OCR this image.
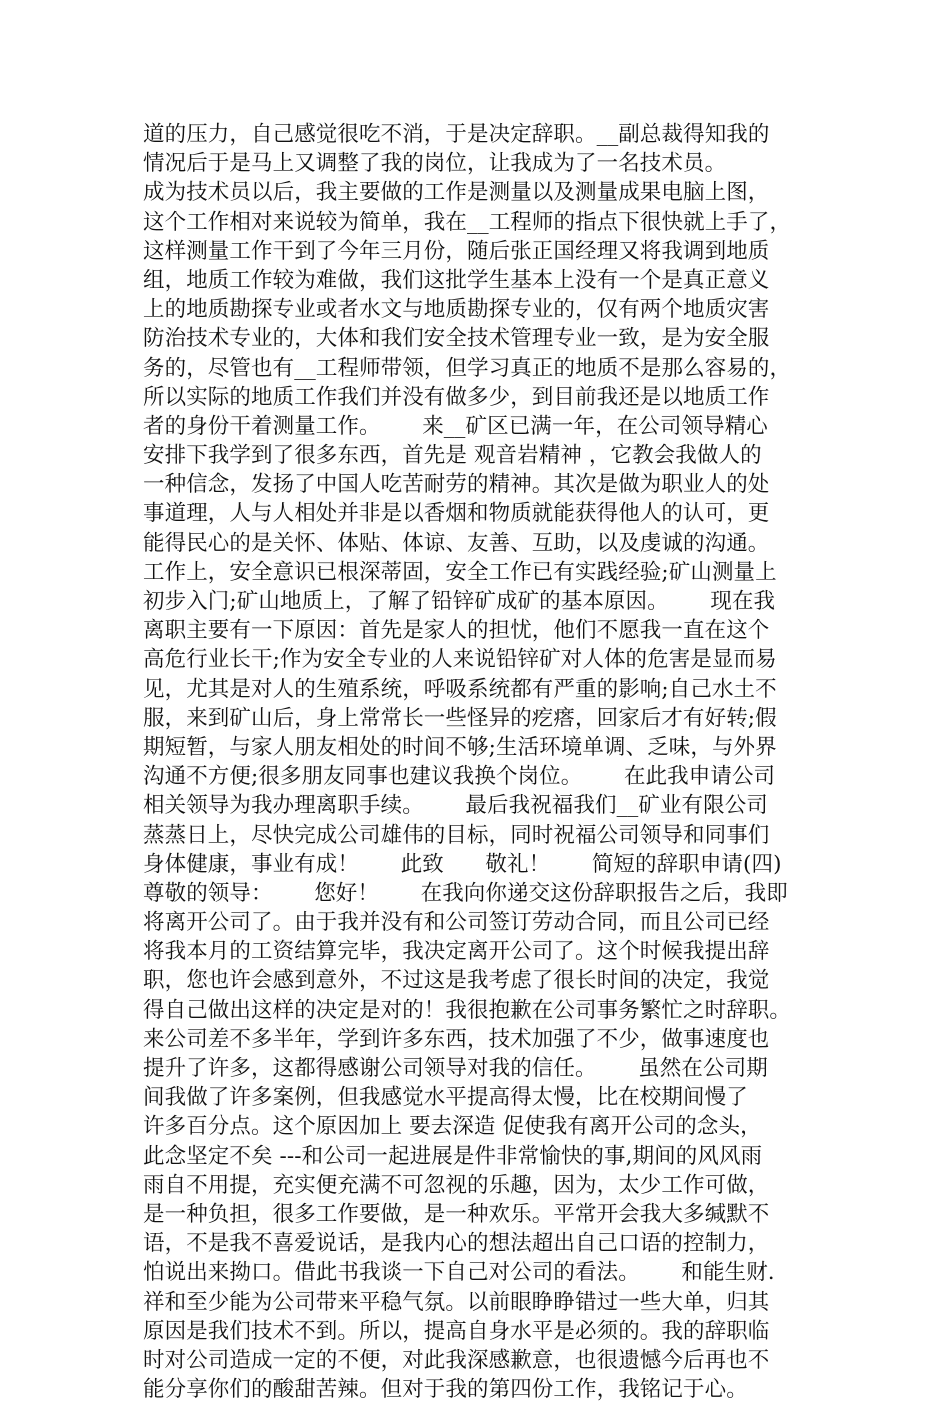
道的压力，自己感觉很吃不消，于是决定辞职。__副总裁得知我的
情况后于是马上又调整了我的岗位，让我成为了一名技术员。
成为技术员以后，我主要做的工作是测量以及测量成果电脑上图，
这个工作相对来说较为简单，我在__工程师的指点下很快就上手了，
这样测量工作干到了今年三月份，随后张正国经理又将我调到地质
组，地质工作较为难做，我们这批学生基本上没有一个是真正意义
上的地质勘探专业或者水文与地质勘探专业的，仅有两个地质灾害
防治技术专业的，大体和我们安全技术管理专业一致，是为安全服
务的，尽管也有__工程师带领，但学习真正的地质不是那么容易的，
所以实际的地质工作我们并没有做多少，到目前我还是以地质工作
者的身份干着测量工作。      来__矿区已满一年，在公司领导精心
安排下我学到了很多东西，首先是 观音岩精神 ，它教会我做人的
一种信念，发扬了中国人吃苦耐劳的精神。其次是做为职业人的处
事道理，人与人相处并非是以香烟和物质就能获得他人的认可，更
能得民心的是关怀、体贴、体谅、友善、互助，以及虔诚的沟通。
工作上，安全意识已根深蒂固，安全工作已有实践经验;矿山测量上
初步入门;矿山地质上，了解了铅锌矿成矿的基本原因。      现在我
离职主要有一下原因：首先是家人的担忧，他们不愿我一直在这个
高危行业长干;作为安全专业的人来说铅锌矿对人体的危害是显而易
见，尤其是对人的生殖系统，呼吸系统都有严重的影响;自己水土不
服，来到矿山后，身上常常长一些怪异的疙瘩，回家后才有好转;假
期短暂，与家人朋友相处的时间不够;生活环境单调、乏味，与外界
沟通不方便;很多朋友同事也建议我换个岗位。      在此我申请公司
相关领导为我办理离职手续。      最后我祝福我们__矿业有限公司
蒸蒸日上，尽快完成公司雄伟的目标，同时祝福公司领导和同事们
身体健康，事业有成！      此致      敬礼！      简短的辞职申请(四)
尊敬的领导：      您好！      在我向你递交这份辞职报告之后，我即
将离开公司了。由于我并没有和公司签订劳动合同，而且公司已经
将我本月的工资结算完毕，我决定离开公司了。这个时候我提出辞
职，您也许会感到意外，不过这是我考虑了很长时间的决定，我觉
得自己做出这样的决定是对的！我很抱歉在公司事务繁忙之时辞职。
来公司差不多半年，学到许多东西，技术加强了不少，做事速度也
提升了许多，这都得感谢公司领导对我的信任。      虽然在公司期
间我做了许多案例，但我感觉水平提高得太慢，比在校期间慢了
许多百分点。这个原因加上 要去深造 促使我有离开公司的念头，
此念坚定不矣 ---和公司一起进展是件非常愉快的事,期间的风风雨
雨自不用提，充实便充满不可忽视的乐趣，因为，太少工作可做，
是一种负担，很多工作要做，是一种欢乐。平常开会我大多缄默不
语，不是我不喜爱说话，是我内心的想法超出自己口语的控制力，
怕说出来拗口。借此书我谈一下自己对公司的看法。      和能生财.
祥和至少能为公司带来平稳气氛。以前眼睁睁错过一些大单，归其
原因是我们技术不到。所以，提高自身水平是必须的。我的辞职临
时对公司造成一定的不便，对此我深感歉意，也很遗憾今后再也不
能分享你们的酸甜苦辣。但对于我的第四份工作，我铭记于心。
